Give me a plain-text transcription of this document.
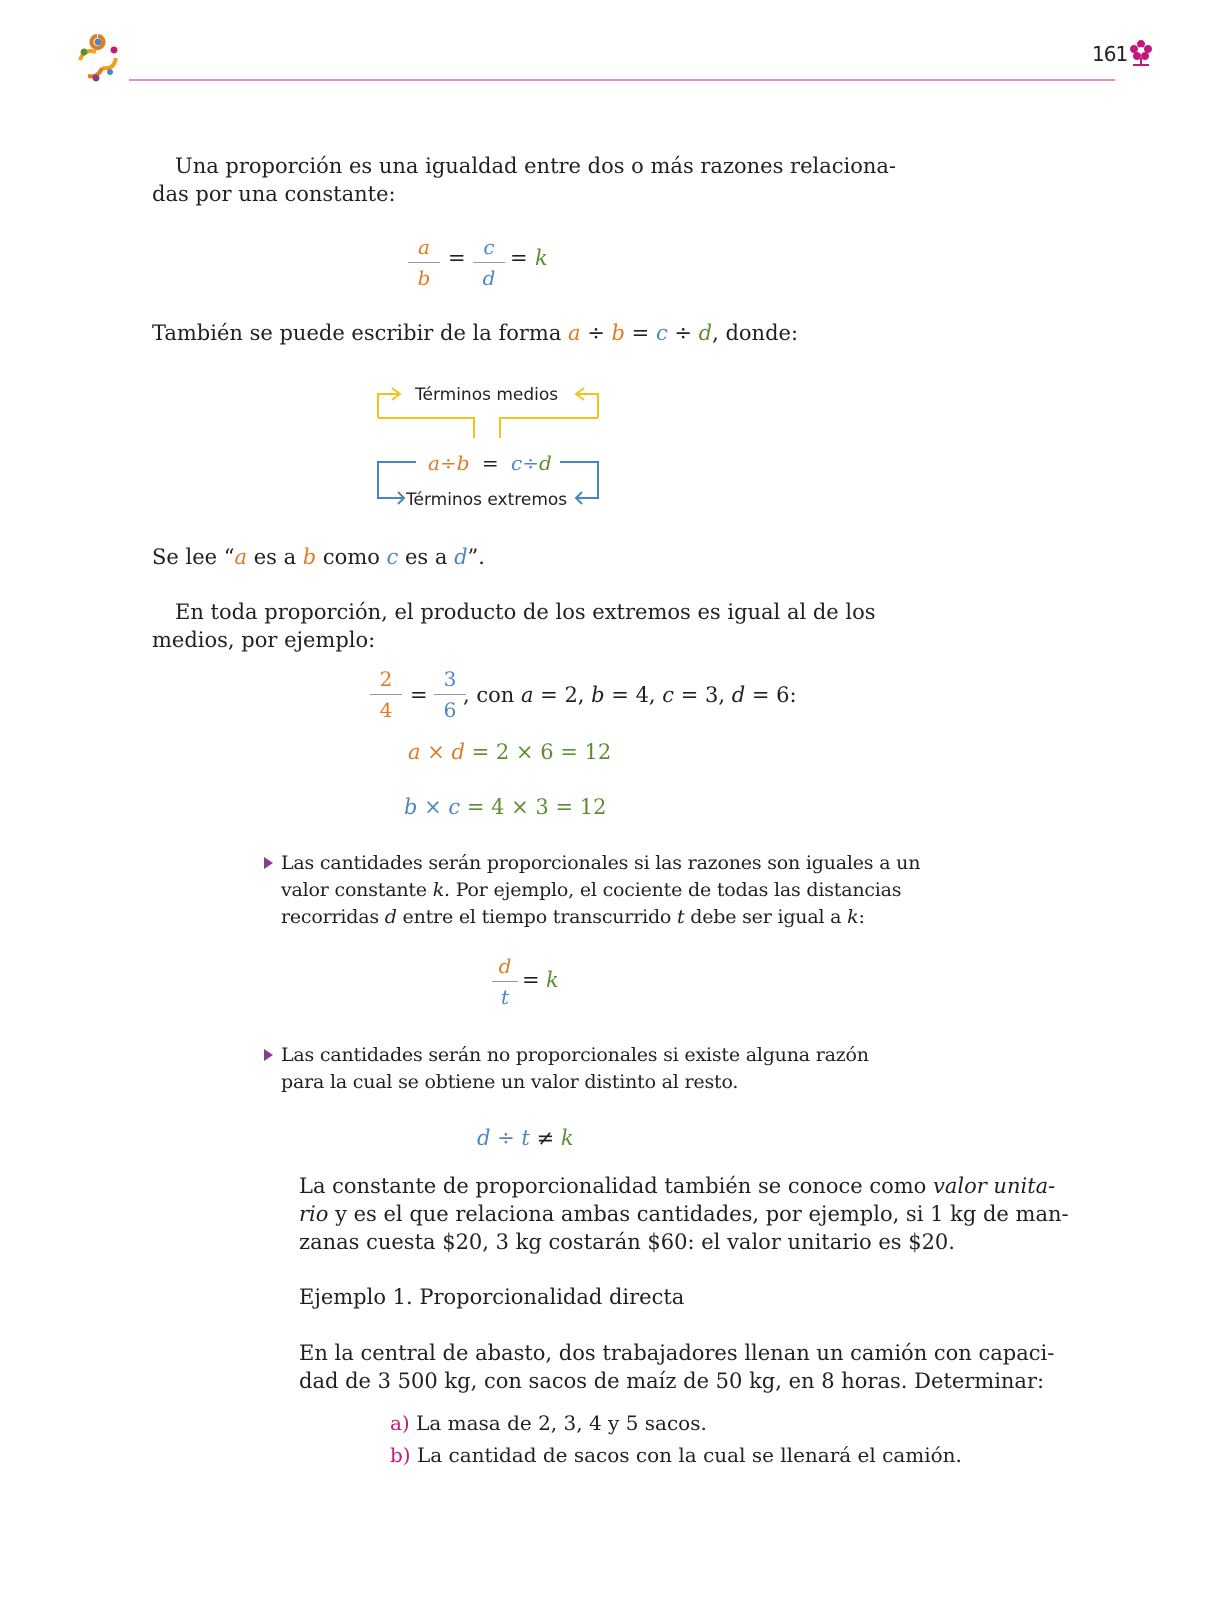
161

Una proporción es una igualdad entre dos o más razones relaciona-

das por una constante:

a
b
= c
d
= k

También se puede escribir de la forma a ÷ b = c ÷ d, donde:

Términos medios
a÷b = c÷d
Términos extremos

Se lee “a es a b como c es a d”.

En toda proporción, el producto de los extremos es igual al de los

medios, por ejemplo:

2
4
=
3
6
, con a = 2, b = 4, c = 3, d = 6:
a × d = 2 × 6 = 12
b × c = 4 × 3 = 12

Las cantidades serán proporcionales si las razones son iguales a un

valor constante k. Por ejemplo, el cociente de todas las distancias

recorridas d entre el tiempo transcurrido t debe ser igual a k:

d
t
= k

Las cantidades serán no proporcionales si existe alguna razón

para la cual se obtiene un valor distinto al resto.

d ÷ t ≠ k

La constante de proporcionalidad también se conoce como valor unita-

rio y es el que relaciona ambas cantidades, por ejemplo, si 1 kg de man-

zanas cuesta $20, 3 kg costarán $60: el valor unitario es $20.

Ejemplo 1. Proporcionalidad directa

En la central de abasto, dos trabajadores llenan un camión con capaci-

dad de 3 500 kg, con sacos de maíz de 50 kg, en 8 horas. Determinar:

a) La masa de 2, 3, 4 y 5 sacos.
b) La cantidad de sacos con la cual se llenará el camión.
